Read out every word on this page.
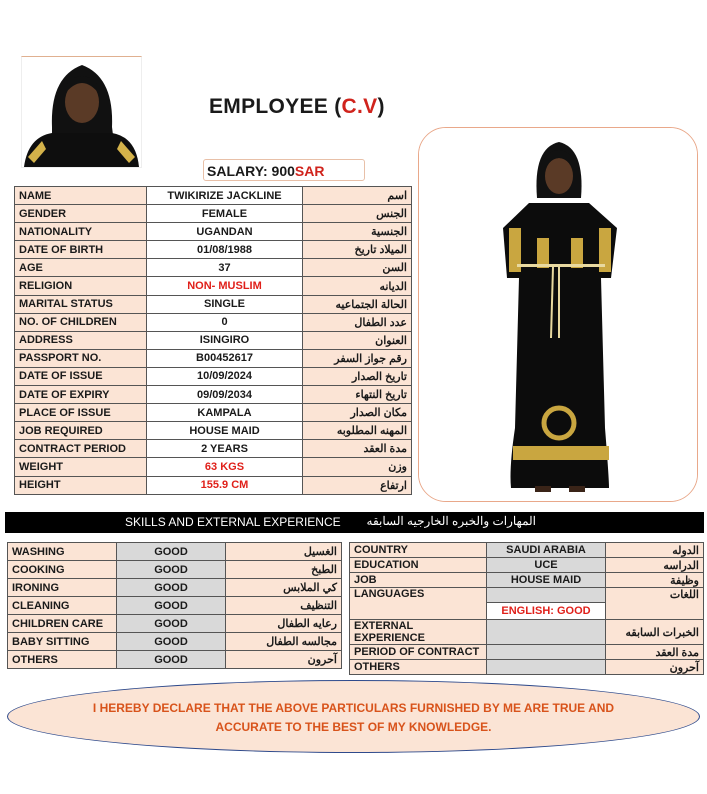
EMPLOYEE (C.V)
SALARY: 900SAR
NAME	TWIKIRIZE JACKLINE	اسم
GENDER	FEMALE	الجنس
NATIONALITY	UGANDAN	الجنسية
DATE OF BIRTH	01/08/1988	الميلاد تاريخ
AGE	37	السن
RELIGION	NON- MUSLIM	الديانه
MARITAL STATUS	SINGLE	الحالة الجتماعيه
NO. OF CHILDREN	0	عدد الطفال
ADDRESS	ISINGIRO	العنوان
PASSPORT NO.	B00452617	رقم جواز السفر
DATE OF ISSUE	10/09/2024	تاريخ الصدار
DATE OF EXPIRY	09/09/2034	تاريخ النتهاء
PLACE OF ISSUE	KAMPALA	مكان الصدار
JOB REQUIRED	HOUSE MAID	المهنه المطلوبه
CONTRACT PERIOD	2 YEARS	مدة العقد
WEIGHT	63 KGS	وزن
HEIGHT	155.9 CM	ارتفاع
SKILLS AND EXTERNAL EXPERIENCE المهارات والخبره الخارجيه السابقه
WASHING	GOOD	الغسيل
COOKING	GOOD	الطبخ
IRONING	GOOD	كي الملابس
CLEANING	GOOD	التنظيف
CHILDREN CARE	GOOD	رعايه الطفال
BABY SITTING	GOOD	مجالسه الطفال
OTHERS	GOOD	آحرون
COUNTRY	SAUDI ARABIA	الدوله
EDUCATION	UCE	الدراسه
JOB	HOUSE MAID	وظيفة
LANGUAGES		اللغات
	ENGLISH: GOOD	
EXTERNAL EXPERIENCE		الخبرات السابقه
PERIOD OF CONTRACT		مدة العقد
OTHERS		آحرون
I HEREBY DECLARE THAT THE ABOVE PARTICULARS FURNISHED BY ME ARE TRUE AND
ACCURATE TO THE BEST OF MY KNOWLEDGE.
